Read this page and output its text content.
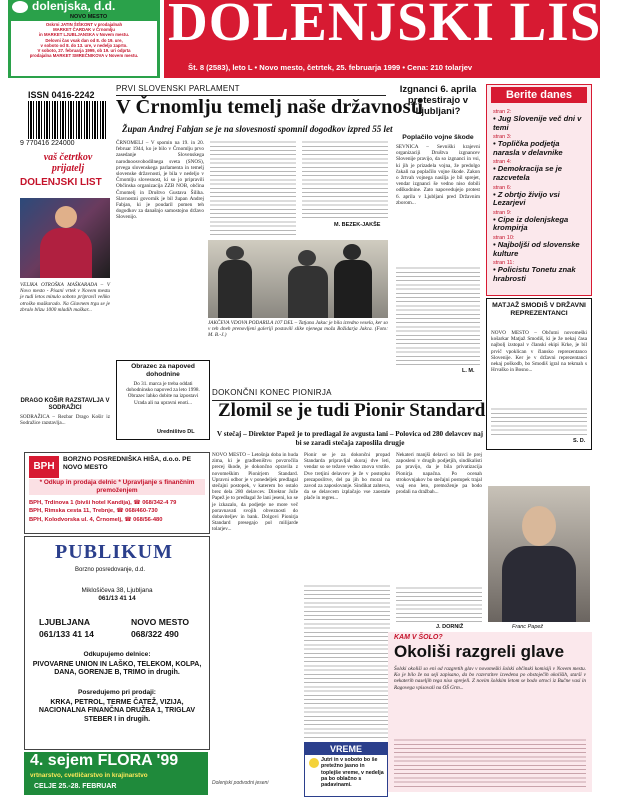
dolenjska, d.d.
NOVO MESTO
Oskrni JATIN ŠIŠKONT v prodajalnah
MARKET ČARDAK v Črnomlju
in MARKET LJUBLJANSKA v Novem mestu.
Delovni čas vsak dan od 8. do 19. ure,
v soboto od 8. do 13. ure, v nedeljo zaprto.
V soboto, 27. februarja 1999, ob 19. uri odprta
prodajalna MARKET SMREČNIKOVA v Novem mestu.
DOLENJSKI LIST
Št. 8 (2583), leto L • Novo mesto, četrtek, 25. februarja 1999 • Cena: 210 tolarjev
ISSN 0416-2242
9 770416 224000
vaš četrtkov
prijatelj
DOLENJSKI LIST
VELIKA OTROŠKA MAŠKARADA – V Novo mesto - Pisani vrtek v Novem mestu je tudi letos minulo soboto pripravil veliko otroško maškarado. Na Glavnem trgu se je zbralo blizu 1000 mladih maškar...
DRAGO KOŠIR RAZSTAVLJA V SODRAŽICI
SODRAŽICA – Rezbar Drago Košir iz Sodražice razstavlja...
Obrazec za napoved dohodnine
Do 31. marca je treba oddati dohodninsko napoved za leto 1998. Obrazec lahko dobite na izpostavi Urada ali na upravni enoti...
Uredništvo DL
PRVI SLOVENSKI PARLAMENT
V Črnomlju temelj naše državnosti
Župan Andrej Fabjan se je na slovesnosti spomnil dogodkov izpred 55 let
ČRNOMELJ – V spomin na 19. in 20. februar 1944, ko je bilo v Črnomlju prvo zasedanje Slovenskega narodnoosvobodilnega sveta (SNOS), prvega slovenskega parlamenta in temelj slovenske državnosti, je bila v nedeljo v Črnomlju slovesnost, ki so jo pripravili Občinska organizacija ZZB NOB, občina Črnomelj in Društvo Gustava Šiliha. Slavnostni govornik je bil župan Andrej Fabjan, ki je poudaril pomen teh dogodkov za današnjo samostojno državo Slovenijo.
M. BEZEK-JAKŠE
JAKČEVA VDOVA PODARILA 107 DEL – Tatjana Jakac je bila izredno vesela, ker so v teh dneh prenovljeni galeriji postavili slike njenega moža Božidarja Jakca. (Foto: M. B.-J.)
Izgnanci 6. aprila protestirajo v Ljubljani?
Poplačilo vojne škode
SEVNICA – Sevniški krajevni organizaciji Društva izgnancev Slovenije pravijo, da so izgnanci in vsi, ki jih je prizadela vojna, že predolgo čakali na poplačilo vojne škode. Zakon o žrtvah vojnega nasilja je bil sprejet, vendar izgnanci še vedno niso dobili odškodnine. Zato napovedujejo protest 6. aprila v Ljubljani pred Državnim zborom...
L. M.
Berite danes
stran 2:
• Jug Slovenije več dni v temi
stran 3:
• Toplička podjetja narasla v delavnike
stran 4:
• Demokracija se je razcvetela
stran 6:
• Z obrtjo živijo vsi Lezarjevi
stran 9:
• Cipe iz dolenjskega krompirja
stran 10:
• Najboljši od slovenske kulture
stran 11:
• Policistu Tonetu znak hrabrosti
MATJAŽ SMODIŠ V DRŽAVNI REPREZENTANCI
NOVO MESTO – Občutni novomeški košarkar Matjaž Smodiš, ki je že nekaj časa najbolj izstopal v članski ekipi Krke, je bil prvič vpoklican v člansko reprezentanco Slovenije. Ker je v državni reprezentanci nekaj poškodb, bo Smodiš igral na tekmah s Hrvaško in Bosno...
S. D.
DOKONČNI KONEC PIONIRJA
Zlomil se je tudi Pionir Standard
V stečaj – Direktor Papež je to predlagal že avgusta lani – Polovica od 280 delavcev naj bi se zaradi stečaja zaposlila drugje
NOVO MESTO – Letošnja doba in huda zima, ki je gradbeništvu povzročila precej škode, je dokončno opravila z novomeškim Pionirjem Standard. Upravni odbor je v ponedeljek predlagal stečajni postopek, v katerem bo ostalo brez dela 280 delavcev. Direktor Jože Papež je to predlagal že lani jeseni, ko se je izkazalo, da podjetje ne more več poravnavati svojih obveznosti do dobaviteljev in bank. Dolgovi Pionirja Standard presegajo pol milijarde tolarjev...
Pionir se je za dokončni propad Standarda pripravljal skoraj dve leti, vendar so se težave vedno znova vrstile. Dve tretjini delavcev je že v postopku prezaposlitve, del pa jih bo moral na zavod za zaposlovanje. Sindikat zahteva, da se delavcem izplačajo vse zaostale plače in regres...
Nekateri manjši delavci so bili že prej zaposleni v drugih podjetjih, sindikalisti pa pravijo, da je bila privatizacija Pionirja napačna. Po ocenah strokovnjakov bo stečajni postopek trajal vsaj eno leto, premoženje pa bodo prodali na dražbah...
J. DORNIŽ	Franc Papež
KAM V ŠOLO?
Okoliši razgreli glave
Šolski okoliši so eni od razgretih glav v novomeški šolski občinski komisiji v Novem mestu. Ko je bilo že na seji zapisano, da bo razvrstitev izvedena po obstoječih okoliših, starši v nekaterih naseljih tega niso sprejeli. Z novim šolskim letom se bodo otroci iz Bučne vasi in Ragovega vpisovali na OŠ Grm...
BPH
BORZNO POSREDNIŠKA HIŠA, d.o.o. PE NOVO MESTO
* Odkup in prodaja delnic * Upravljanje s finančnim premoženjem
BPH, Trdinova 1 (bivši hotel Kandija), ☎ 068/342-4 79
BPH, Rimska cesta 11, Trebnje, ☎ 068/460-730
BPH, Kolodvorska ul. 4, Črnomelj, ☎ 068/56-480
PUBLIKUM
Borzno posredovanje, d.d.
Miklošičeva 38, Ljubljana
061/13 41 14
LJUBLJANA
061/133 41 14
NOVO MESTO
068/322 490
Odkupujemo delnice:
PIVOVARNE UNION IN LAŠKO, TELEKOM, KOLPA, DANA, GORENJE B, TRIMO in drugih.
Posredujemo pri prodaji:
KRKA, PETROL, TERME ČATEŽ, VIZIJA, NACIONALNA FINANČNA DRUŽBA 1, TRIGLAV STEBER I in drugih.
4. sejem FLORA '99
vrtnarstvo, cvetličarstvo in krajinarstvo
CELJE 25.-28. FEBRUAR
VREME
Jutri in v soboto bo še pretežno jasno in toplejše vreme, v nedelja pa bo oblačno s padavinami.
Dolenjski podvodni jeseni
